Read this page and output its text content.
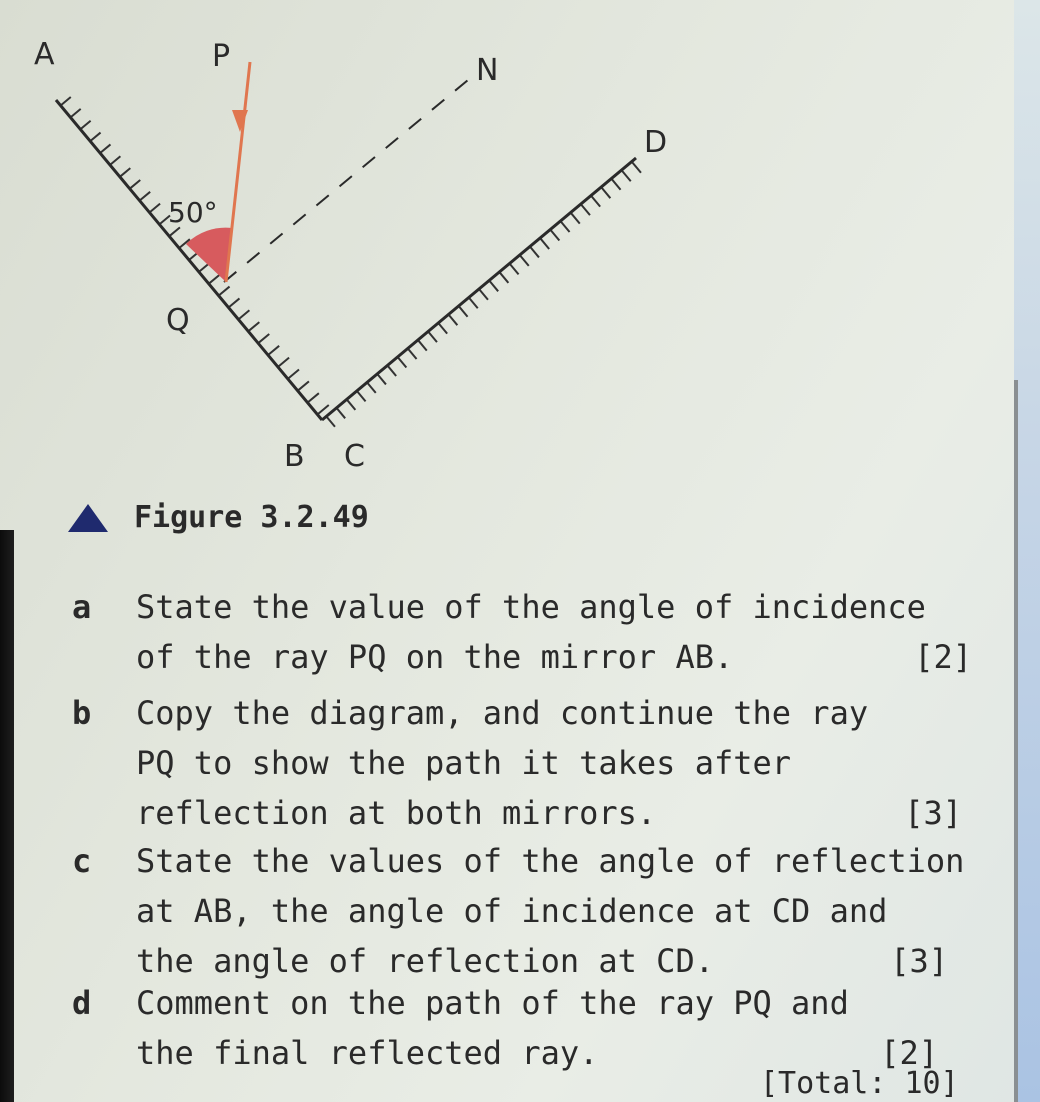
A	P	N
D
Q
B C
50°
Figure 3.2.49
a State the value of the angle of incidence
of the ray PQ on the mirror AB.	[2]
b Copy the diagram, and continue the ray
PQ to show the path it takes after
reflection at both mirrors.	[3]
c State the values of the angle of reflection
at AB, the angle of incidence at CD and
the angle of reflection at CD.	[3]
d Comment on the path of the ray PQ and
the final reflected ray.	[2]
[Total: 10]
